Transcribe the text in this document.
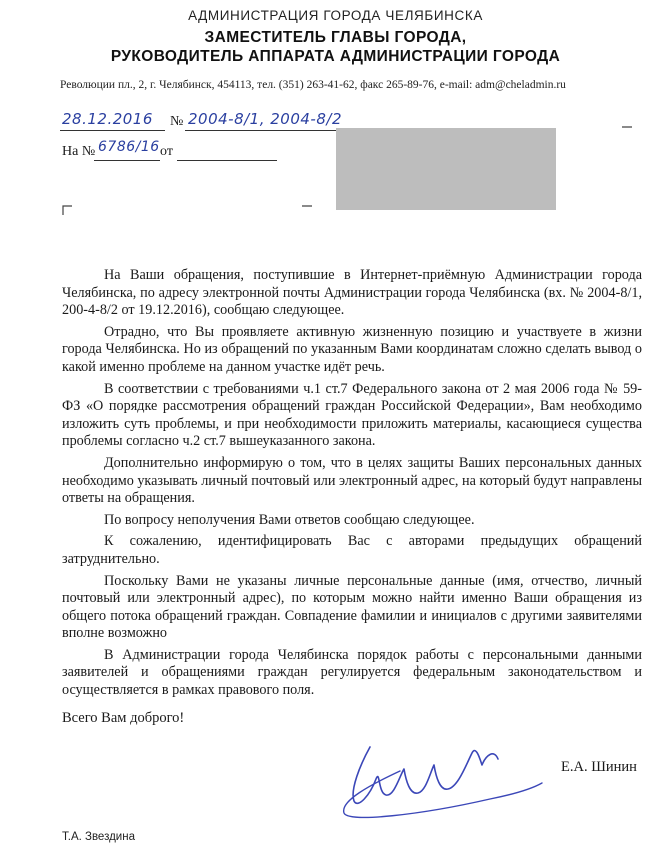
АДМИНИСТРАЦИЯ ГОРОДА ЧЕЛЯБИНСКА
ЗАМЕСТИТЕЛЬ ГЛАВЫ ГОРОДА,
РУКОВОДИТЕЛЬ АППАРАТА АДМИНИСТРАЦИИ ГОРОДА
Революции пл., 2, г. Челябинск, 454113, тел. (351) 263-41-62, факс 265-89-76, e-mail: adm@cheladmin.ru
28.12.2016 № 2004-8/1, 2004-8/2
На № 6786/16 от

На Ваши обращения, поступившие в Интернет-приёмную Администрации города Челябинска, по адресу электронной почты Администрации города Челябинска (вх. № 2004-8/1, 200-4-8/2 от 19.12.2016), сообщаю следующее.

Отрадно, что Вы проявляете активную жизненную позицию и участвуете в жизни города Челябинска. Но из обращений по указанным Вами координатам сложно сделать вывод о какой именно проблеме на данном участке идёт речь.

В соответствии с требованиями ч.1 ст.7 Федерального закона от 2 мая 2006 года № 59-ФЗ «О порядке рассмотрения обращений граждан Российской Федерации», Вам необходимо изложить суть проблемы, и при необходимости приложить материалы, касающиеся существа проблемы согласно ч.2 ст.7 вышеуказанного закона.

Дополнительно информирую о том, что в целях защиты Ваших персональных данных необходимо указывать личный почтовый или электронный адрес, на который будут направлены ответы на обращения.

По вопросу неполучения Вами ответов сообщаю следующее.

К сожалению, идентифицировать Вас с авторами предыдущих обращений затруднительно.

Поскольку Вами не указаны личные персональные данные (имя, отчество, личный почтовый или электронный адрес), по которым можно найти именно Ваши обращения из общего потока обращений граждан. Совпадение фамилии и инициалов с другими заявителями вполне возможно

В Администрации города Челябинска порядок работы с персональными данными заявителей и обращениями граждан регулируется федеральным законодательством и осуществляется в рамках правового поля.

Всего Вам доброго!
Е.А. Шинин
Т.А. Звездина
